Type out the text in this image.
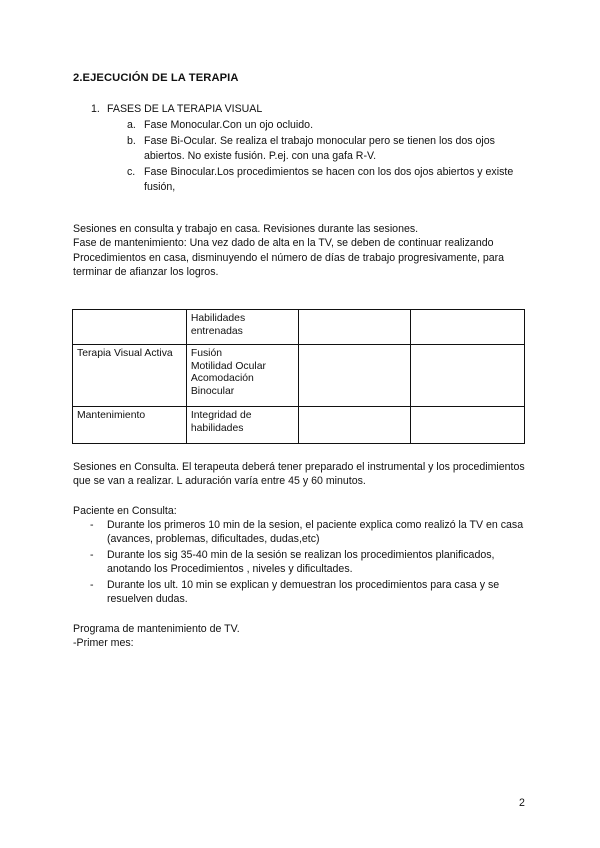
2.EJECUCIÓN DE LA TERAPIA
1. FASES DE LA TERAPIA VISUAL
a. Fase Monocular.Con un ojo ocluido.
b. Fase Bi-Ocular. Se realiza el trabajo monocular pero se tienen los dos ojos abiertos. No existe fusión. P.ej. con una gafa R-V.
c. Fase Binocular.Los procedimientos se hacen con los dos ojos abiertos y existe fusión,
Sesiones en consulta y trabajo en casa. Revisiones durante las sesiones.
Fase de mantenimiento: Una vez dado de alta en la TV, se deben de continuar realizando Procedimientos en casa, disminuyendo el número de días de trabajo progresivamente, para terminar de afianzar los logros.
	Habilidades entrenadas		
Terapia Visual Activa	Fusión
Motilidad Ocular
Acomodación
Binocular		

Mantenimiento	Integridad de habilidades		

Sesiones en Consulta. El terapeuta deberá tener preparado el instrumental y los procedimientos que se van a realizar. L aduración varía entre 45 y 60 minutos.
Paciente en Consulta:
- Durante los primeros 10 min de la sesion, el paciente explica como realizó la TV en casa (avances, problemas, dificultades, dudas,etc)
- Durante los sig 35-40 min de la sesión se realizan los procedimientos planificados, anotando los Procedimientos , niveles y dificultades.
- Durante los ult. 10 min se explican y demuestran los procedimientos para casa y se resuelven dudas.
Programa de mantenimiento de TV.
-Primer mes:
2
